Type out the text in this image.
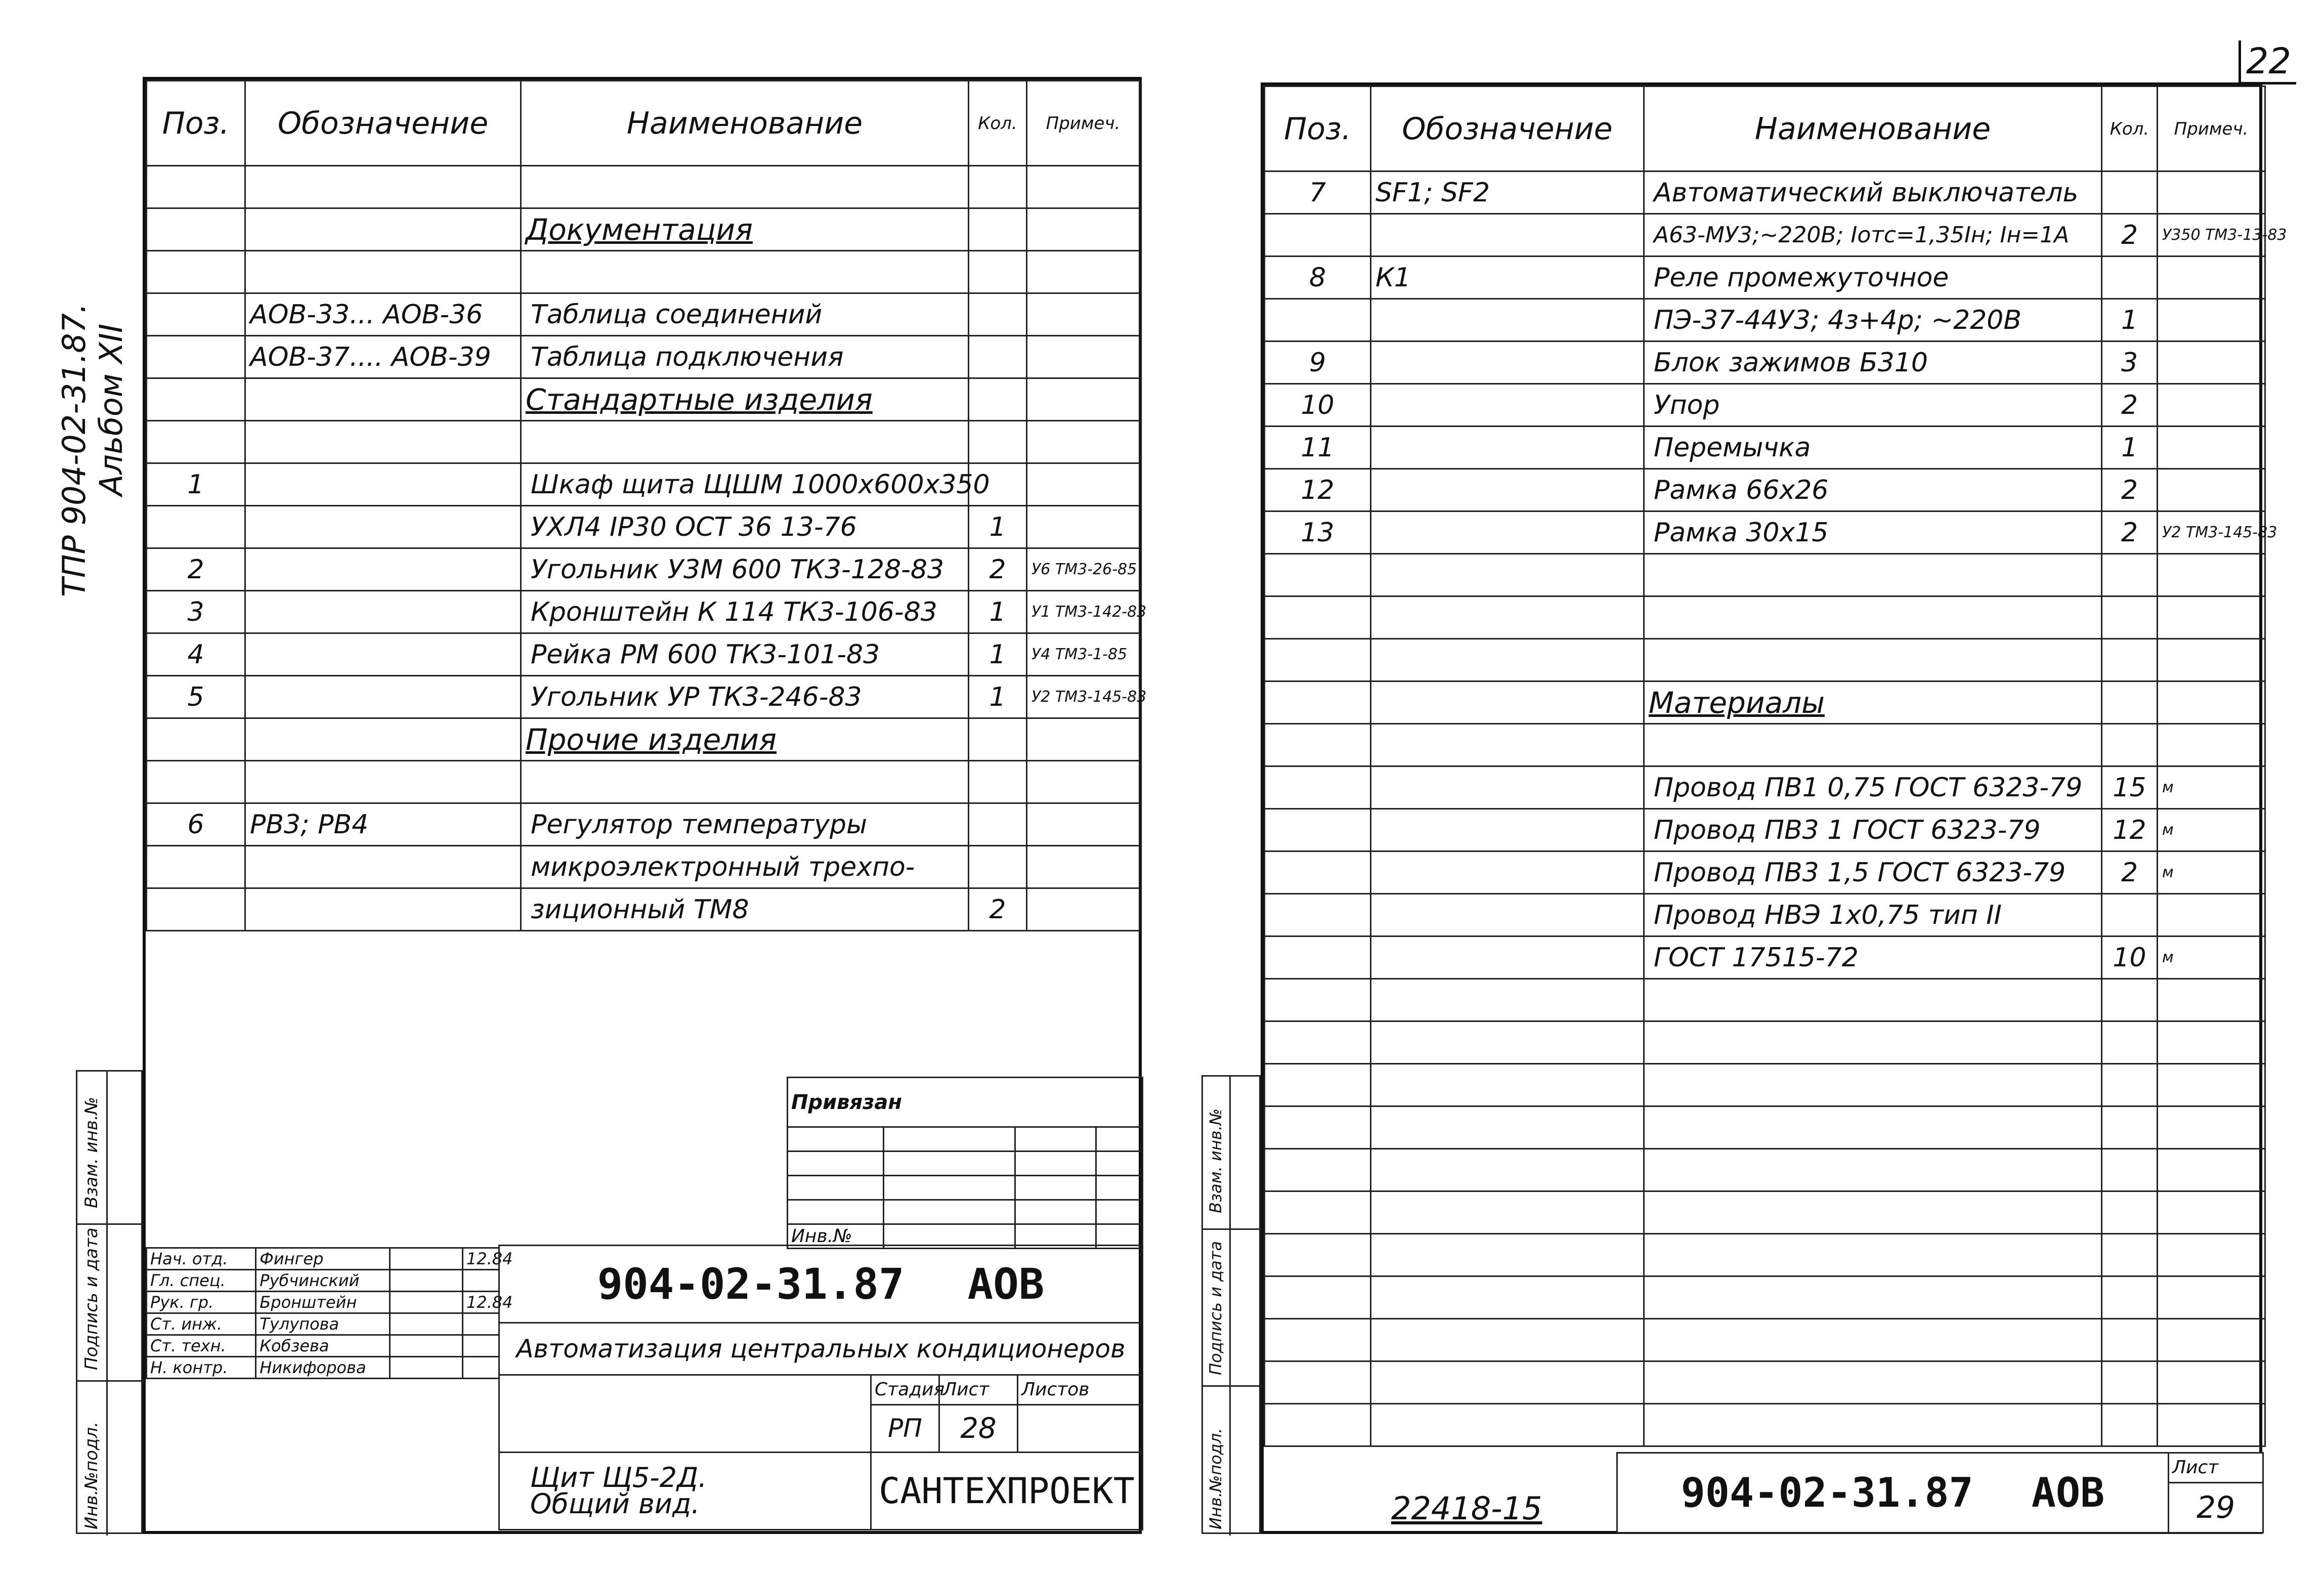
22
ТПР 904-02-31.87. Альбом XII
Поз.	Обозначение	Наименование	Кол.	Примеч.

		Документация		

	АОВ-33... АОВ-36	Таблица соединений		
	АОВ-37.... АОВ-39	Таблица подключения		
		Стандартные изделия		

1		Шкаф щита ЩШМ 1000х600х350		
		УХЛ4 IP30 ОСТ 36 13-76	1	
2		Угольник У3М 600 ТК3-128-83	2	У6 ТМ3-26-85
3		Кронштейн К 114 ТК3-106-83	1	У1 ТМ3-142-83
4		Рейка РМ 600 ТК3-101-83	1	У4 ТМ3-1-85
5		Угольник УР ТК3-246-83	1	У2 ТМ3-145-83
		Прочие изделия		

6	РВ3; РВ4	Регулятор температуры		
		микроэлектронный трехпо-		
		зиционный ТМ8	2	
Взам. инв.№
Подпись и дата
Инв.№подл.
Привязан			

Инв.№			
Нач. отд.	Фингер		12.84
Гл. спец.	Рубчинский		
Рук. гр.	Бронштейн		12.84
Ст. инж.	Тулупова		
Ст. техн.	Кобзева		
Н. контр.	Никифорова		
904-02-31.87 АОВ			
Автоматизация центральных кондиционеров			
	Стадия	Лист	Листов
	РП	28	

Щит Щ5-2Д.
Общий вид.	САНТЕХПРОЕКТ		
Поз.	Обозначение	Наименование	Кол.	Примеч.
7	SF1; SF2	Автоматический выключатель		
		А63-МУ3;~220В; Iотс=1,35Iн; Iн=1А	2	У350 ТМ3-13-83
8	К1	Реле промежуточное		
		ПЭ-37-44У3; 4з+4р; ~220В	1	
9		Блок зажимов Б310	3	
10		Упор	2	
11		Перемычка	1	
12		Рамка 66х26	2	
13		Рамка 30х15	2	У2 ТМ3-145-83

		Материалы		

		Провод ПВ1 0,75 ГОСТ 6323-79	15	м
		Провод ПВ3 1 ГОСТ 6323-79	12	м
		Провод ПВ3 1,5 ГОСТ 6323-79	2	м
		Провод НВЭ 1х0,75 тип II		
		ГОСТ 17515-72	10	м

Взам. инв.№
Подпись и дата
Инв.№подл.	904-02-31.87 АОВ	Лист
29
22418-15
